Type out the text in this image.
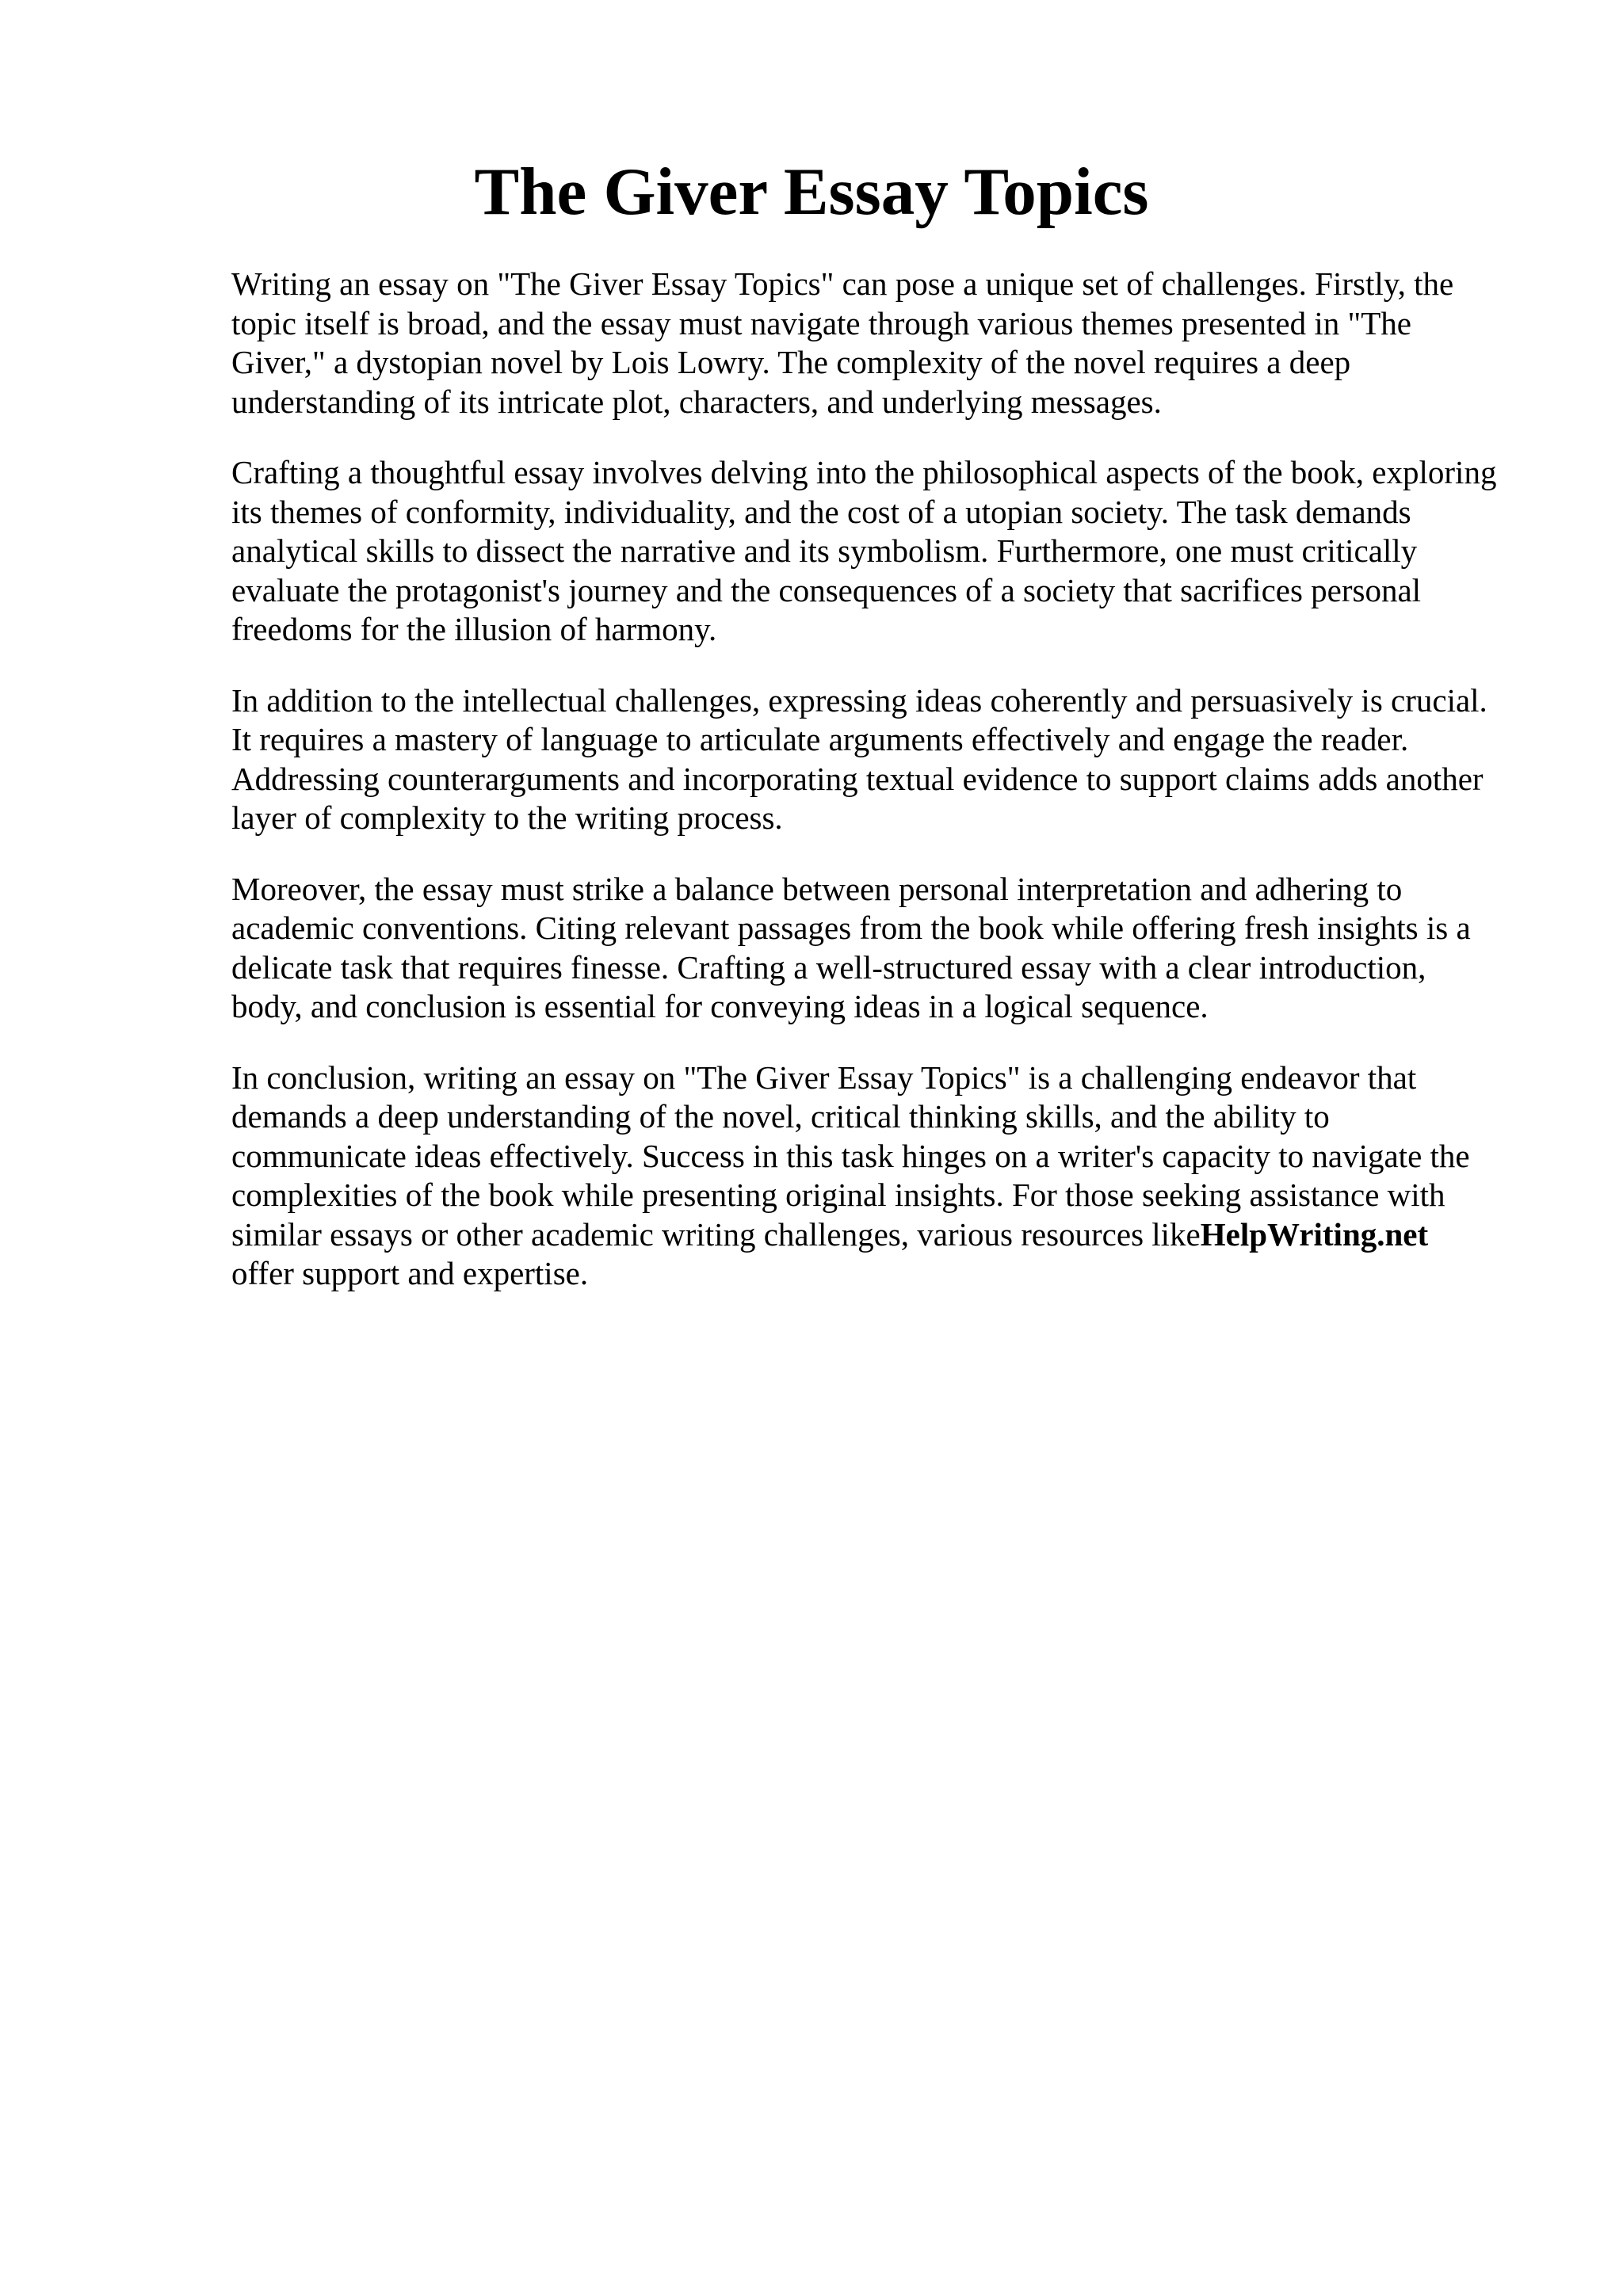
The Giver Essay Topics

Writing an essay on "The Giver Essay Topics" can pose a unique set of challenges. Firstly, the
topic itself is broad, and the essay must navigate through various themes presented in "The
Giver," a dystopian novel by Lois Lowry. The complexity of the novel requires a deep
understanding of its intricate plot, characters, and underlying messages.

Crafting a thoughtful essay involves delving into the philosophical aspects of the book, exploring
its themes of conformity, individuality, and the cost of a utopian society. The task demands
analytical skills to dissect the narrative and its symbolism. Furthermore, one must critically
evaluate the protagonist's journey and the consequences of a society that sacrifices personal
freedoms for the illusion of harmony.

In addition to the intellectual challenges, expressing ideas coherently and persuasively is crucial.
It requires a mastery of language to articulate arguments effectively and engage the reader.
Addressing counterarguments and incorporating textual evidence to support claims adds another
layer of complexity to the writing process.

Moreover, the essay must strike a balance between personal interpretation and adhering to
academic conventions. Citing relevant passages from the book while offering fresh insights is a
delicate task that requires finesse. Crafting a well-structured essay with a clear introduction,
body, and conclusion is essential for conveying ideas in a logical sequence.

In conclusion, writing an essay on "The Giver Essay Topics" is a challenging endeavor that
demands a deep understanding of the novel, critical thinking skills, and the ability to
communicate ideas effectively. Success in this task hinges on a writer's capacity to navigate the
complexities of the book while presenting original insights. For those seeking assistance with
similar essays or other academic writing challenges, various resources likeHelpWriting.net
offer support and expertise.
